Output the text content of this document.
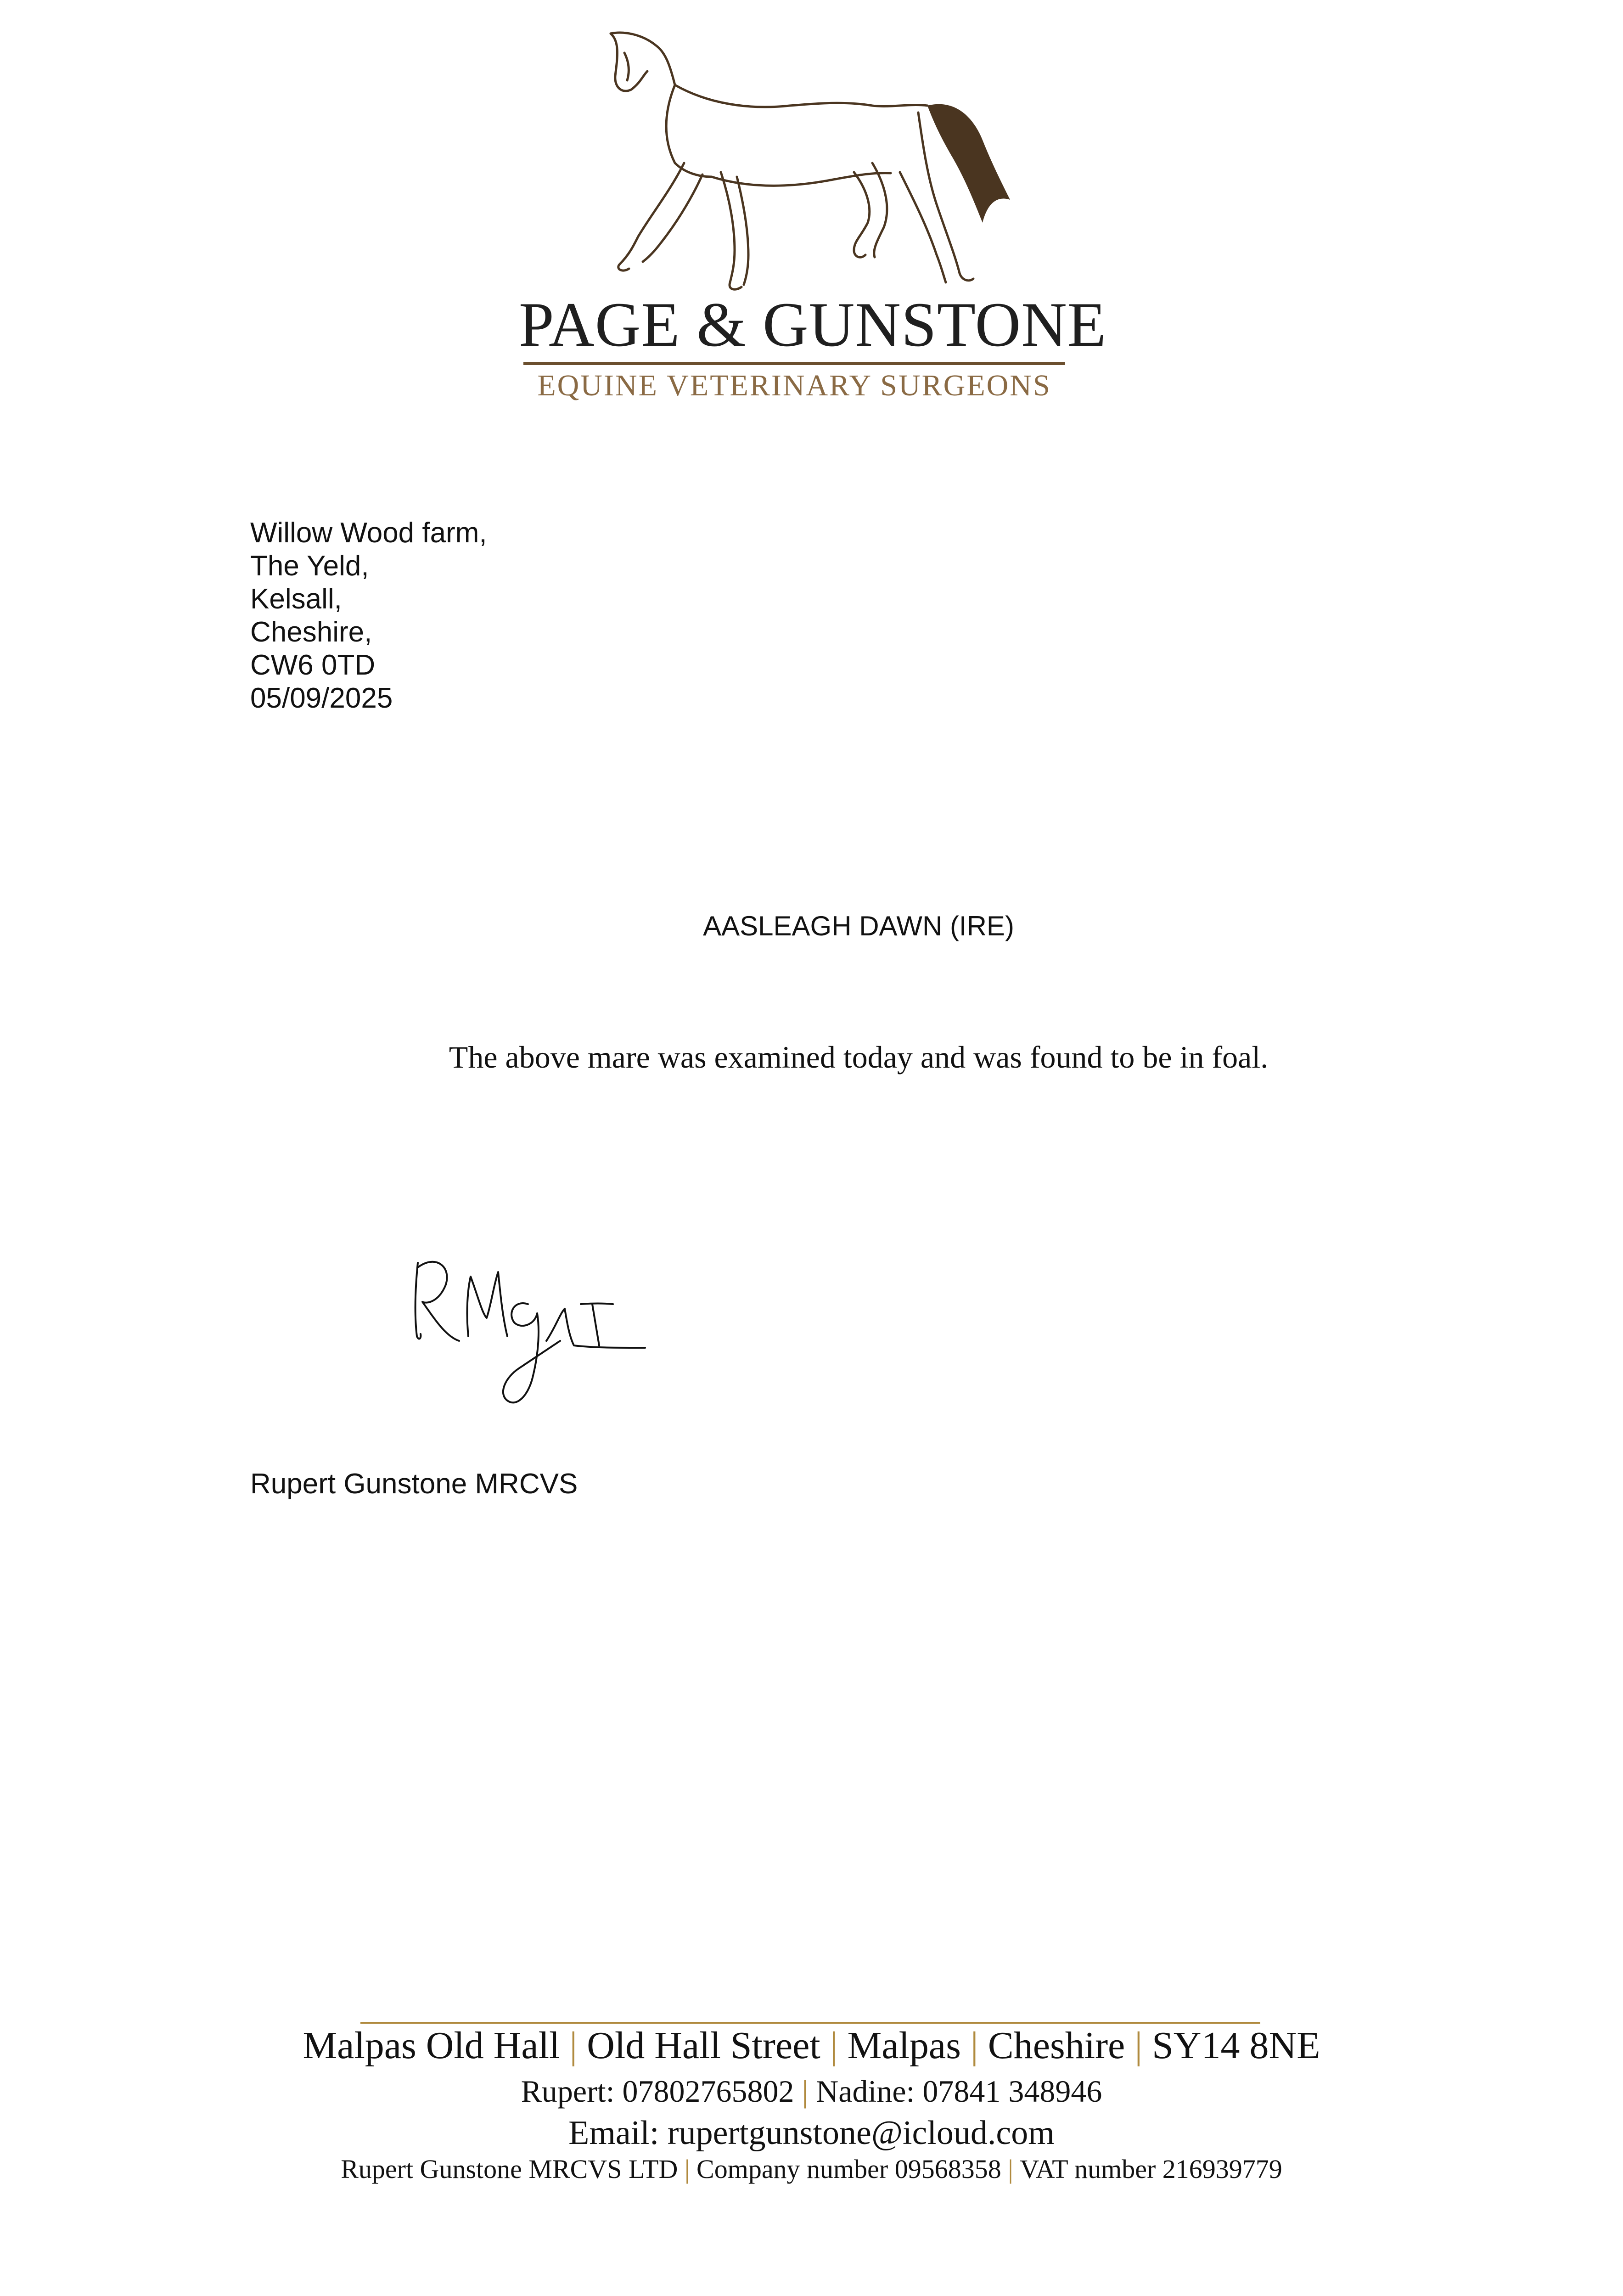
PAGE & GUNSTONE
EQUINE VETERINARY SURGEONS
Willow Wood farm,
The Yeld,
Kelsall,
Cheshire,
CW6 0TD
05/09/2025
AASLEAGH DAWN (IRE)
The above mare was examined today and was found to be in foal.
Rupert Gunstone MRCVS
Malpas Old Hall | Old Hall Street | Malpas | Cheshire | SY14 8NE
Rupert: 07802765802 | Nadine: 07841 348946
Email: rupertgunstone@icloud.com
Rupert Gunstone MRCVS LTD | Company number 09568358 | VAT number 216939779
